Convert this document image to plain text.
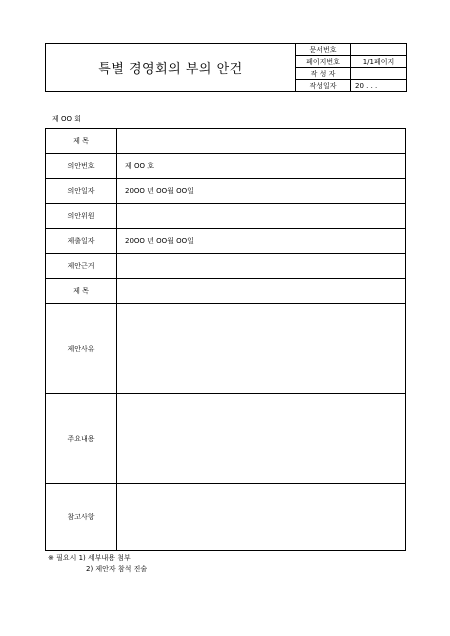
특별 경영회의 부의 안건
문서번호
페이지번호	1/1페이지
작 성 자
작성일자	20 . . .
제 OO 회
제 목
의안번호	제 OO 호
의안일자	20OO 년 OO월 OO일
의안위원
제출일자	20OO 년 OO월 OO일
제안근거
제 목
제안사유
주요내용
참고사항
※ 필요시 1) 세부내용 첨부
2) 제안자 참석 진술
